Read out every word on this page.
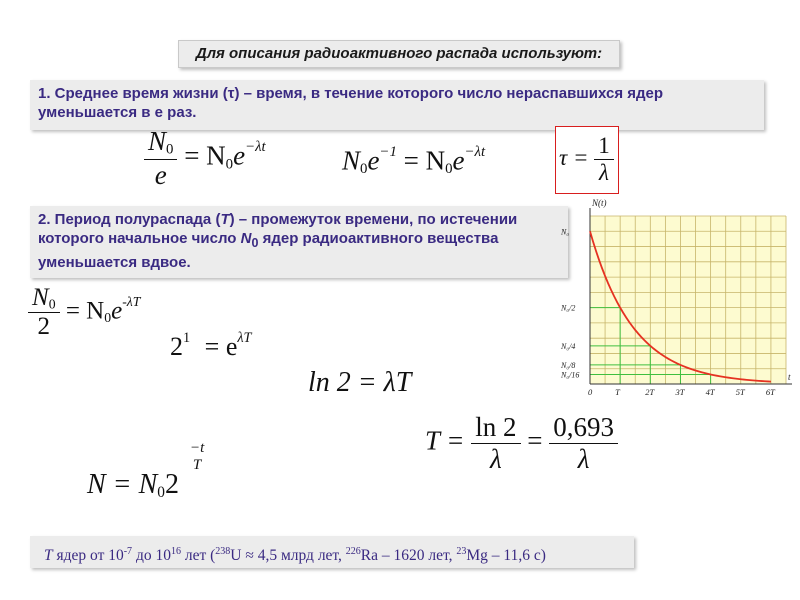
Для описания радиоактивного распада используют:
1. Среднее время жизни (τ) – время, в течение которого число нераспавшихся ядер уменьшается в e раз.
$\frac{N_0}{e} = N_0e^{-\lambda t}$	$N_0e^{-1} = N_0e^{-\lambda t}$	$\tau = \frac{1}{\lambda}$
2. Период полураспада (T) – промежуток времени, по истечении которого начальное число $N_0$ ядер радиоактивного вещества уменьшается вдвое.
$\frac{N_0}{2} = N_0e^{-\lambda T}$
$2^1 = e^{\lambda T}$
ln 2 = λT
$T = \frac{\ln 2}{\lambda} = \frac{0,693}{\lambda}$
$N = N_02$
−t
T
N(t)
t
0	T	2T 3T 4T 5T 6T
N₀
N₀/2
N₀/4
N₀/8
N₀/16
T ядер от $10^{-7}$ до $10^{16}$ лет ($^{238}$U ≈ 4,5 млрд лет, $^{226}$Ra – 1620 лет, $^{23}$Mg – 11,6 с)
